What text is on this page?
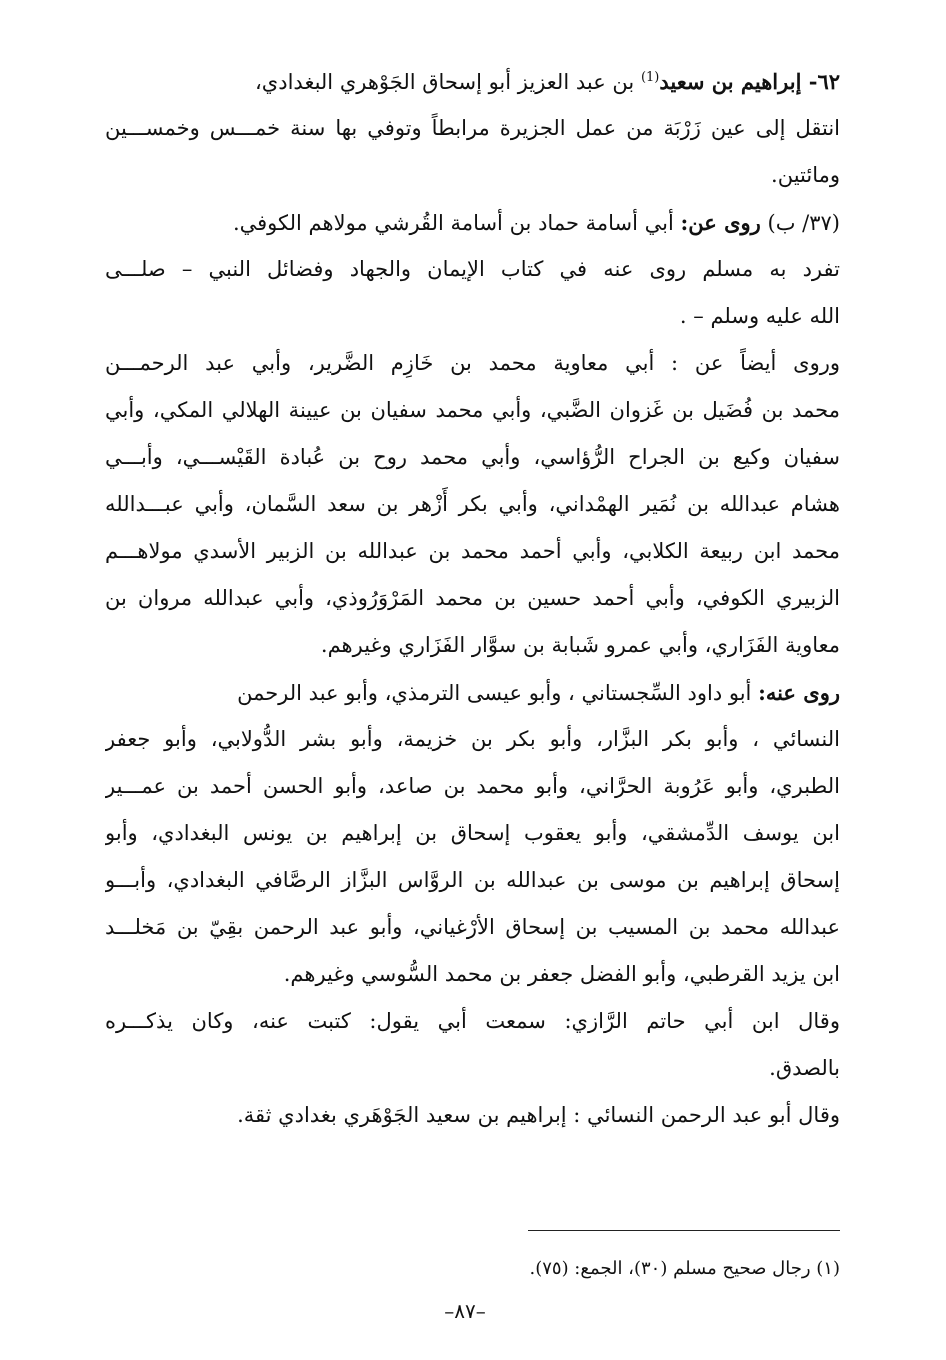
٦٢- إبراهيم بن سعيد$^{(1)}$ بن عبد العزيز أبو إسحاق الجَوْهري البغدادي،
انتقل إلى عين زَرْبَة من عمل الجزيرة مرابطاً وتوفي بها سنة خمـــس وخمســـين
ومائتين.
(٣٧/ ب) روى عن: أبي أسامة حماد بن أسامة القُرشي مولاهم الكوفي.
تفرد به مسلم روى عنه في كتاب الإيمان والجهاد وفضائل النبي – صلـــى
الله عليه وسلم – .
وروى أيضاً عن : أبي معاوية محمد بن خَازِم الضَّرير، وأبي عبد الرحمـــن
محمد بن فُضَيل بن غَزوان الضَّبي، وأبي محمد سفيان بن عيينة الهلالي المكي، وأبي
سفيان وكيع بن الجراح الرُّؤاسي، وأبي محمد روح بن عُبادة القَيْســـي، وأبـــي
هشام عبدالله بن نُمَير الهمْداني، وأبي بكر أَزْهر بن سعد السَّمان، وأبي عبـــدالله
محمد ابن ربيعة الكلابي، وأبي أحمد محمد بن عبدالله بن الزبير الأسدي مولاهـــم
الزبيري الكوفي، وأبي أحمد حسين بن محمد المَرْوَرُوذي، وأبي عبدالله مروان بن
معاوية الفَزَاري، وأبي عمرو شَبابة بن سوَّار الفَزَاري وغيرهم.
روى عنه: أبو داود السِّجستاني ، وأبو عيسى الترمذي، وأبو عبد الرحمن
النسائي ، وأبو بكر البزَّار، وأبو بكر بن خزيمة، وأبو بشر الدُّولابي، وأبو جعفر
الطبري، وأبو عَرُوبة الحرَّاني، وأبو محمد بن صاعد، وأبو الحسن أحمد بن عمـــير
ابن يوسف الدِّمشقي، وأبو يعقوب إسحاق بن إبراهيم بن يونس البغدادي، وأبو
إسحاق إبراهيم بن موسى بن عبدالله بن الروَّاس البزَّاز الرصَّافي البغدادي، وأبـــو
عبدالله محمد بن المسيب بن إسحاق الأرْغياني، وأبو عبد الرحمن بقِيّ بن مَخلـــد
ابن يزيد القرطبي، وأبو الفضل جعفر بن محمد السُّوسي وغيرهم.
وقال ابن أبي حاتم الرَّازي: سمعت أبي يقول: كتبت عنه، وكان يذكـــره
بالصدق.
وقال أبو عبد الرحمن النسائي : إبراهيم بن سعيد الجَوْهَري بغدادي ثقة.
(١) رجال صحيح مسلم (٣٠)، الجمع: (٧٥).
–٨٧–
